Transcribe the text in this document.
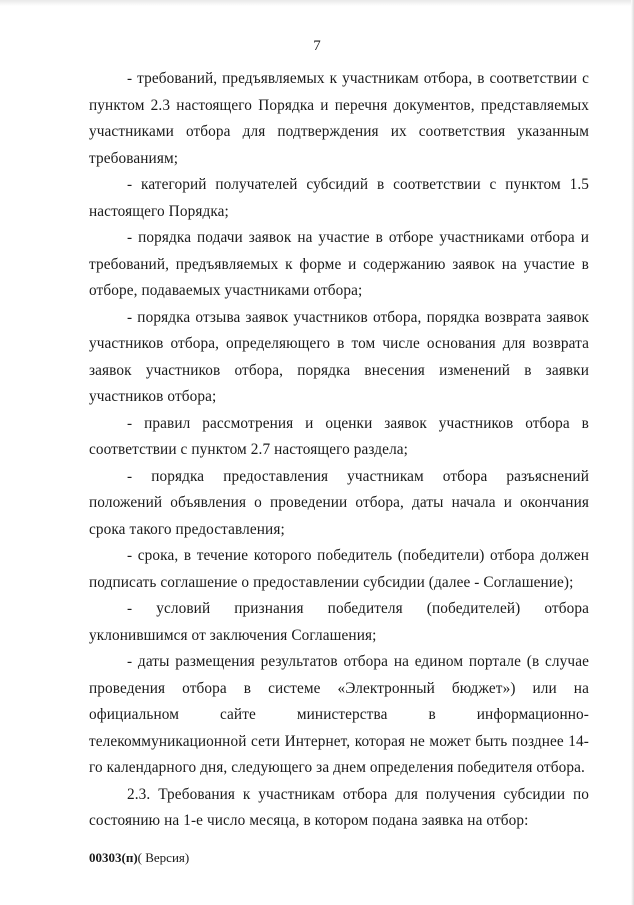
7

- требований, предъявляемых к участникам отбора, в соответствии с пунктом 2.3 настоящего Порядка и перечня документов, представляемых участниками отбора для подтверждения их соответствия указанным требованиям;

- категорий получателей субсидий в соответствии с пунктом 1.5 настоящего Порядка;

- порядка подачи заявок на участие в отборе участниками отбора и требований, предъявляемых к форме и содержанию заявок на участие в отборе, подаваемых участниками отбора;

- порядка отзыва заявок участников отбора, порядка возврата заявок участников отбора, определяющего в том числе основания для возврата заявок участников отбора, порядка внесения изменений в заявки участников отбора;

- правил рассмотрения и оценки заявок участников отбора в соответствии с пунктом 2.7 настоящего раздела;

- порядка предоставления участникам отбора разъяснений положений объявления о проведении отбора, даты начала и окончания срока такого предоставления;

- срока, в течение которого победитель (победители) отбора должен подписать соглашение о предоставлении субсидии (далее - Соглашение);

- условий признания победителя (победителей) отбора уклонившимся от заключения Соглашения;

- даты размещения результатов отбора на едином портале (в случае проведения отбора в системе «Электронный бюджет») или на официальном сайте министерства в информационно-телекоммуникационной сети Интернет, которая не может быть позднее 14-го календарного дня, следующего за днем определения победителя отбора.

2.3. Требования к участникам отбора для получения субсидии по состоянию на 1-е число месяца, в котором подана заявка на отбор:

00303(п)( Версия)
